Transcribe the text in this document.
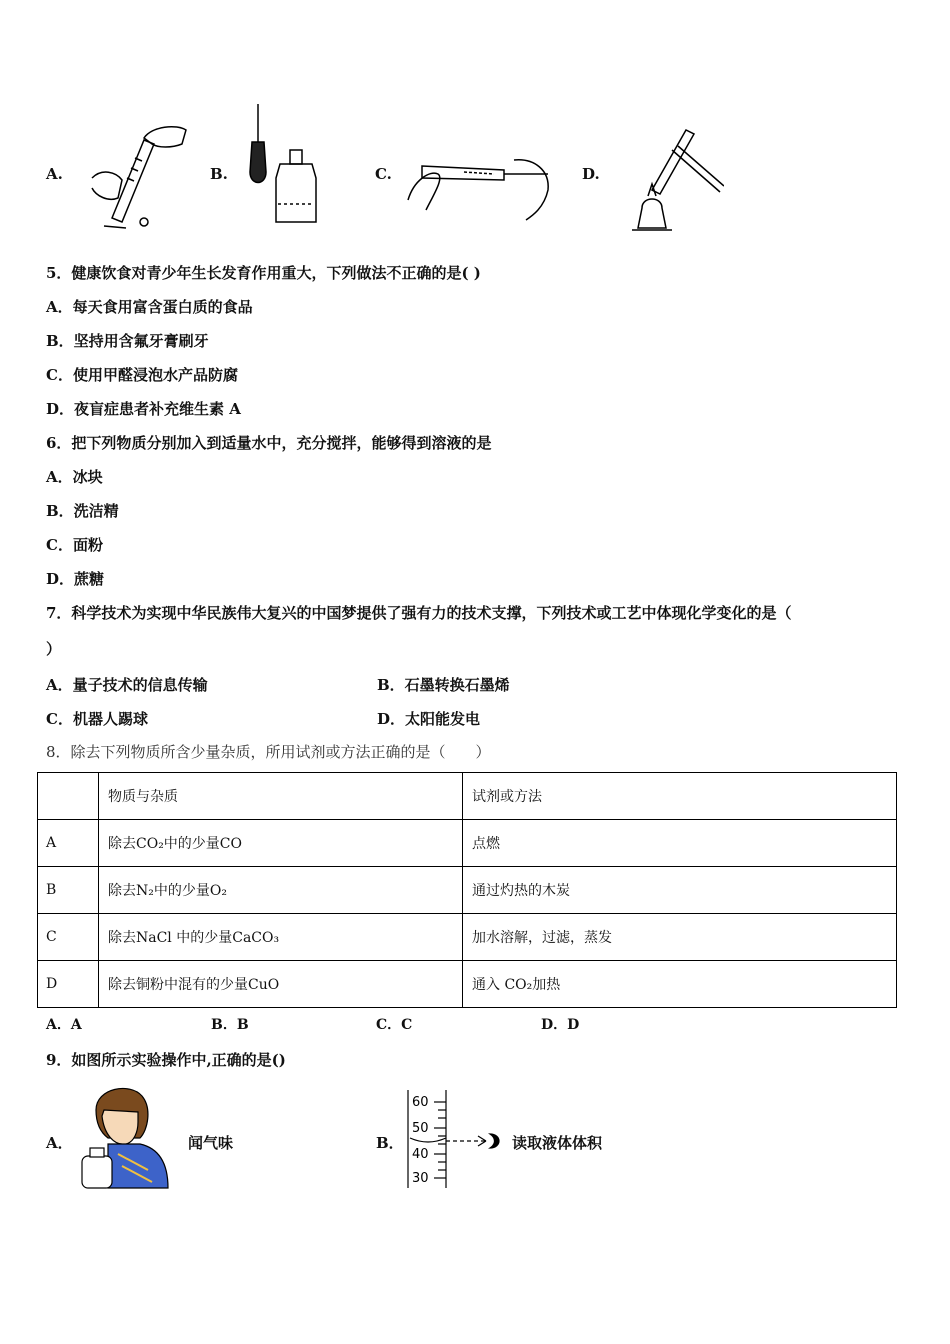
A.	B.	C.	D.
5．健康饮食对青少年生长发育作用重大，下列做法不正确的是( )
A．每天食用富含蛋白质的食品
B．坚持用含氟牙膏刷牙
C．使用甲醛浸泡水产品防腐
D．夜盲症患者补充维生素 A
6．把下列物质分别加入到适量水中，充分搅拌，能够得到溶液的是
A．冰块
B．洗洁精
C．面粉
D．蔗糖
7．科学技术为实现中华民族伟大复兴的中国梦提供了强有力的技术支撑，下列技术或工艺中体现化学变化的是（
）
A．量子技术的信息传输	B．石墨转换石墨烯
C．机器人踢球	D．太阳能发电
8．除去下列物质所含少量杂质，所用试剂或方法正确的是（　　）
	物质与杂质	试剂或方法
A	除去CO₂中的少量CO	点燃
B	除去N₂中的少量O₂	通过灼热的木炭
C	除去NaCl 中的少量CaCO₃	加水溶解，过滤，蒸发
D	除去铜粉中混有的少量CuO	通入 CO₂加热
A．A	B．B	C．C	D．D
9．如图所示实验操作中,正确的是()
A．	闻气味	B．
60
50
40
30
读取液体体积
